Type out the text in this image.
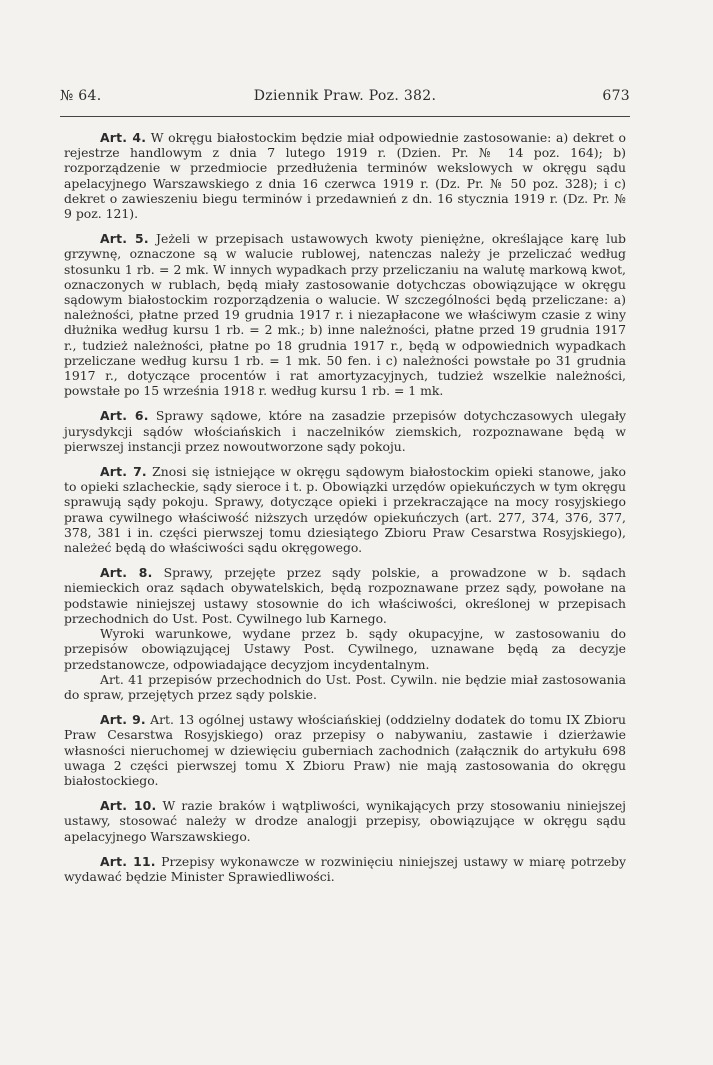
№ 64.	Dziennik Praw. Poz. 382.	673

Art. 4. W okręgu białostockim będzie miał odpowiednie zastosowanie: a) dekret o rejestrze handlowym z dnia 7 lutego 1919 r. (Dzien. Pr. № 14 poz. 164); b) rozporządzenie w przedmiocie przedłużenia terminów wekslowych w okręgu sądu apelacyjnego Warszawskiego z dnia 16 czerwca 1919 r. (Dz. Pr. № 50 poz. 328); i c) dekret o zawieszeniu biegu terminów i przedawnień z dn. 16 stycznia 1919 r. (Dz. Pr. № 9 poz. 121).

Art. 5. Jeżeli w przepisach ustawowych kwoty pieniężne, określające karę lub grzywnę, oznaczone są w walucie rublowej, natenczas należy je przeliczać według stosunku 1 rb. = 2 mk. W innych wypadkach przy przeliczaniu na walutę markową kwot, oznaczonych w rublach, będą miały zastosowanie dotychczas obowiązujące w okręgu sądowym białostockim rozporządzenia o walucie. W szczególności będą przeliczane: a) należności, płatne przed 19 grudnia 1917 r. i niezapłacone we właściwym czasie z winy dłużnika według kursu 1 rb. = 2 mk.; b) inne należności, płatne przed 19 grudnia 1917 r., tudzież należności, płatne po 18 grudnia 1917 r., będą w odpowiednich wypadkach przeliczane według kursu 1 rb. = 1 mk. 50 fen. i c) należności powstałe po 31 grudnia 1917 r., dotyczące procentów i rat amortyzacyjnych, tudzież wszelkie należności, powstałe po 15 września 1918 r. według kursu 1 rb. = 1 mk.

Art. 6. Sprawy sądowe, które na zasadzie przepisów dotychczasowych ulegały jurysdykcji sądów włościańskich i naczelników ziemskich, rozpoznawane będą w pierwszej instancji przez nowoutworzone sądy pokoju.

Art. 7. Znosi się istniejące w okręgu sądowym białostockim opieki stanowe, jako to opieki szlacheckie, sądy sieroce i t. p. Obowiązki urzędów opiekuńczych w tym okręgu sprawują sądy pokoju. Sprawy, dotyczące opieki i przekraczające na mocy rosyjskiego prawa cywilnego właściwość niższych urzędów opiekuńczych (art. 277, 374, 376, 377, 378, 381 i in. części pierwszej tomu dziesiątego Zbioru Praw Cesarstwa Rosyjskiego), należeć będą do właściwości sądu okręgowego.

Art. 8. Sprawy, przejęte przez sądy polskie, a prowadzone w b. sądach niemieckich oraz sądach obywatelskich, będą rozpoznawane przez sądy, powołane na podstawie niniejszej ustawy stosownie do ich właściwości, określonej w przepisach przechodnich do Ust. Post. Cywilnego lub Karnego.

Wyroki warunkowe, wydane przez b. sądy okupacyjne, w zastosowaniu do przepisów obowiązującej Ustawy Post. Cywilnego, uznawane będą za decyzje przedstanowcze, odpowiadające decyzjom incydentalnym.

Art. 41 przepisów przechodnich do Ust. Post. Cywiln. nie będzie miał zastosowania do spraw, przejętych przez sądy polskie.

Art. 9. Art. 13 ogólnej ustawy włościańskiej (oddzielny dodatek do tomu IX Zbioru Praw Cesarstwa Rosyjskiego) oraz przepisy o nabywaniu, zastawie i dzierżawie własności nieruchomej w dziewięciu guberniach zachodnich (załącznik do artykułu 698 uwaga 2 części pierwszej tomu X Zbioru Praw) nie mają zastosowania do okręgu białostockiego.

Art. 10. W razie braków i wątpliwości, wynikających przy stosowaniu niniejszej ustawy, stosować należy w drodze analogji przepisy, obowiązujące w okręgu sądu apelacyjnego Warszawskiego.

Art. 11. Przepisy wykonawcze w rozwinięciu niniejszej ustawy w miarę potrzeby wydawać będzie Minister Sprawiedliwości.
